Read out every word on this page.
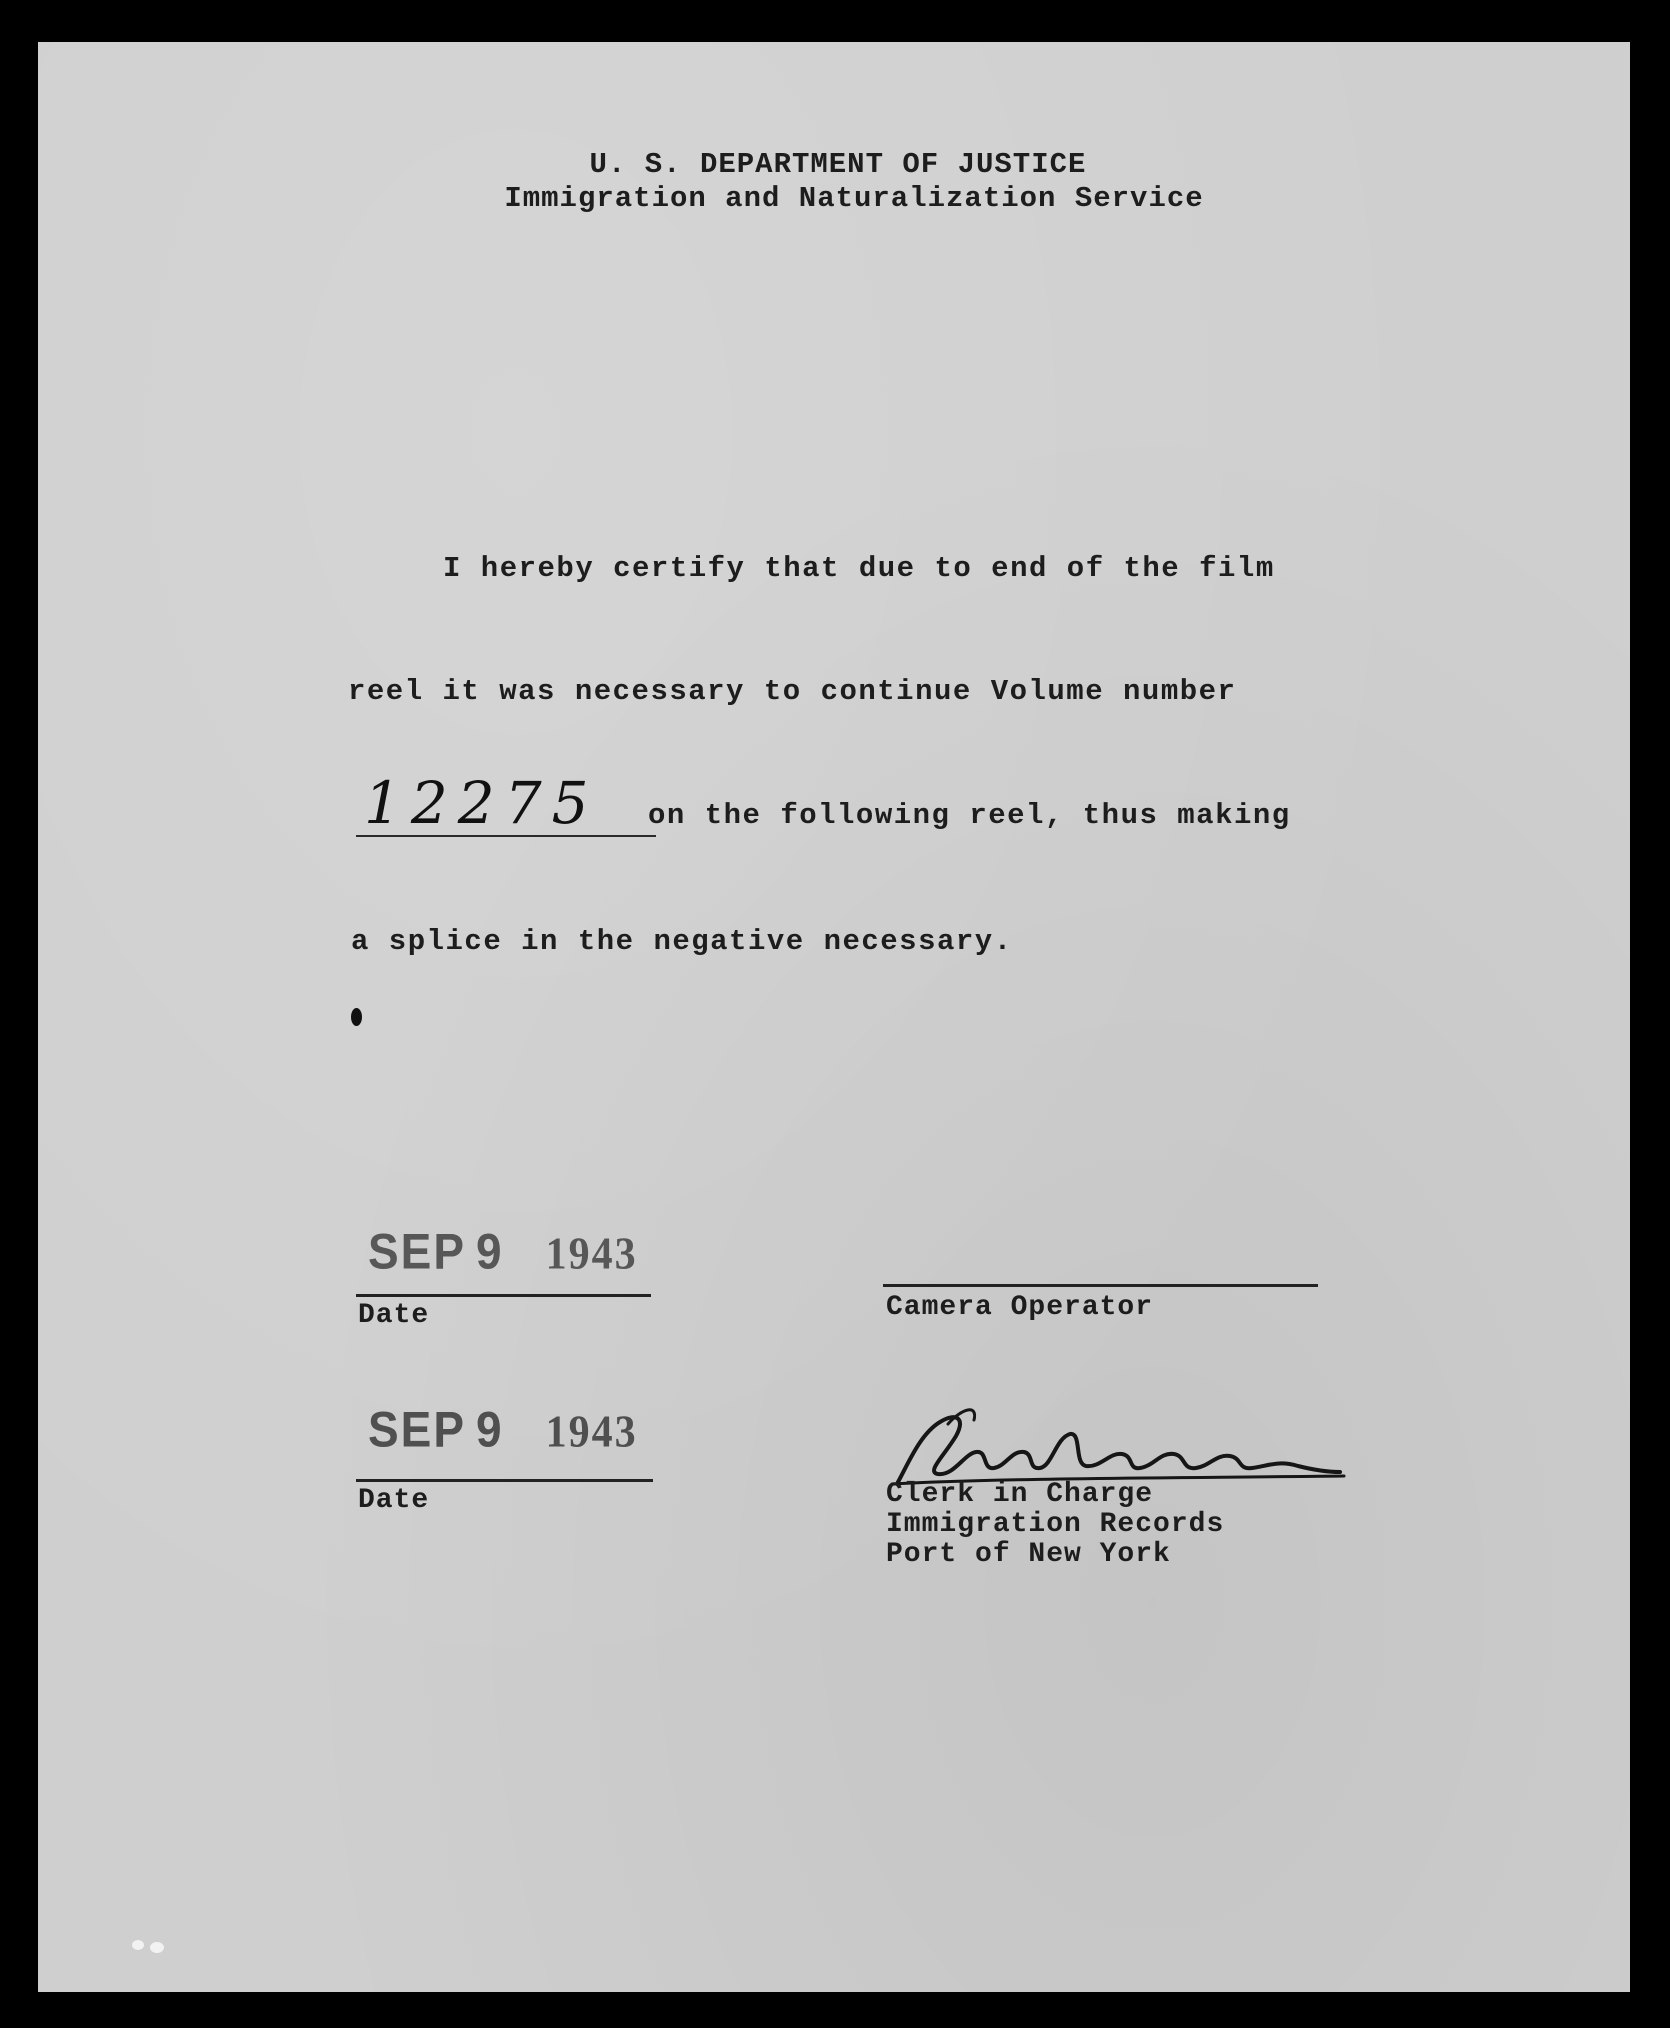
U. S. DEPARTMENT OF JUSTICE
Immigration and Naturalization Service
I hereby certify that due to end of the film
reel it was necessary to continue Volume number
12275	on the following reel, thus making
a splice in the negative necessary.
SEP 9 1943
Date	Camera Operator
SEP 9 1943
Date	Clerk in Charge
Immigration Records
Port of New York
